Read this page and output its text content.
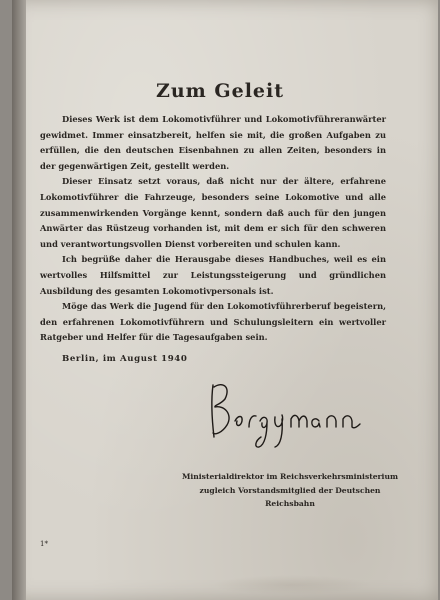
Zum Geleit

Dieses Werk ist dem Lokomotivführer und Lokomotivführeranwärter gewidmet. Immer einsatzbereit, helfen sie mit, die großen Aufgaben zu erfüllen, die den deutschen Eisenbahnen zu allen Zeiten, besonders in der gegenwärtigen Zeit, gestellt werden.

Dieser Einsatz setzt voraus, daß nicht nur der ältere, erfahrene Lokomotivführer die Fahrzeuge, besonders seine Lokomotive und alle zusammenwirkenden Vorgänge kennt, sondern daß auch für den jungen Anwärter das Rüstzeug vorhanden ist, mit dem er sich für den schweren und verantwortungsvollen Dienst vorbereiten und schulen kann.

Ich begrüße daher die Herausgabe dieses Handbuches, weil es ein wertvolles Hilfsmittel zur Leistungssteigerung und gründlichen Ausbildung des gesamten Lokomotivpersonals ist.

Möge das Werk die Jugend für den Lokomotivführerberuf begeistern, den erfahrenen Lokomotivführern und Schulungsleitern ein wertvoller Ratgeber und Helfer für die Tagesaufgaben sein.

Berlin, im August 1940
Ministerialdirektor im Reichsverkehrsministerium
zugleich Vorstandsmitglied der Deutschen
Reichsbahn
1*
